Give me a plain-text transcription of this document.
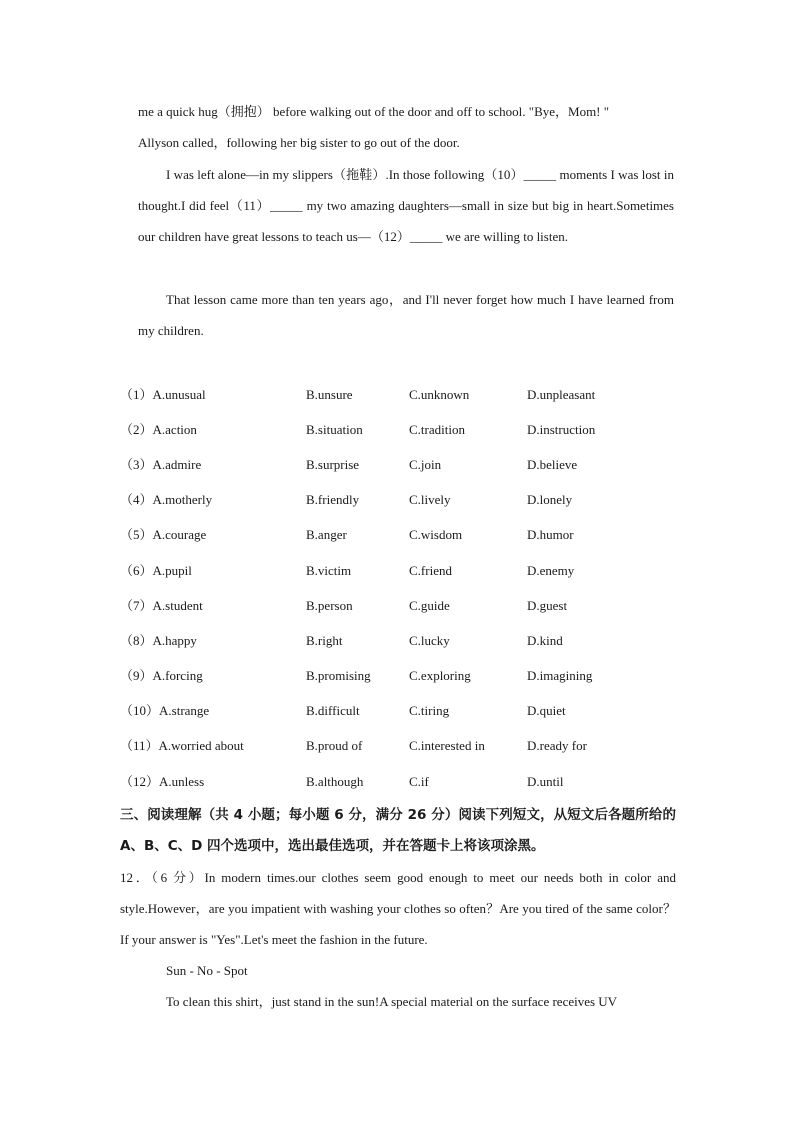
me a quick hug（拥抱） before walking out of the door and off to school. "Bye，Mom! "

Allyson called，following her big sister to go out of the door.

I was left alone—in my slippers（拖鞋）.In those following（10）_____ moments I was lost in thought.I did feel（11）_____ my two amazing daughters—small in size but big in heart.Sometimes our children have great lessons to teach us—（12）_____ we are willing to listen.

That lesson came more than ten years ago，and I'll never forget how much I have learned from my children.

（1）A.unusual	B.unsure	C.unknown	D.unpleasant
（2）A.action	B.situation	C.tradition	D.instruction
（3）A.admire	B.surprise	C.join	D.believe
（4）A.motherly	B.friendly	C.lively	D.lonely
（5）A.courage	B.anger	C.wisdom	D.humor
（6）A.pupil	B.victim	C.friend	D.enemy
（7）A.student	B.person	C.guide	D.guest
（8）A.happy	B.right	C.lucky	D.kind
（9）A.forcing	B.promising	C.exploring	D.imagining
（10）A.strange	B.difficult	C.tiring	D.quiet
（11）A.worried about	B.proud of	C.interested in	D.ready for
（12）A.unless	B.although	C.if	D.until

三、阅读理解（共 4 小题；每小题 6 分，满分 26 分）阅读下列短文，从短文后各题所给的A、B、C、D 四个选项中，选出最佳选项，并在答题卡上将该项涂黑。

12．（6 分）In modern times.our clothes seem good enough to meet our needs both in color and style.However，are you impatient with washing your clothes so often？Are you tired of the same color？If your answer is "Yes".Let's meet the fashion in the future.

Sun - No - Spot

To clean this shirt，just stand in the sun!A special material on the surface receives UV
